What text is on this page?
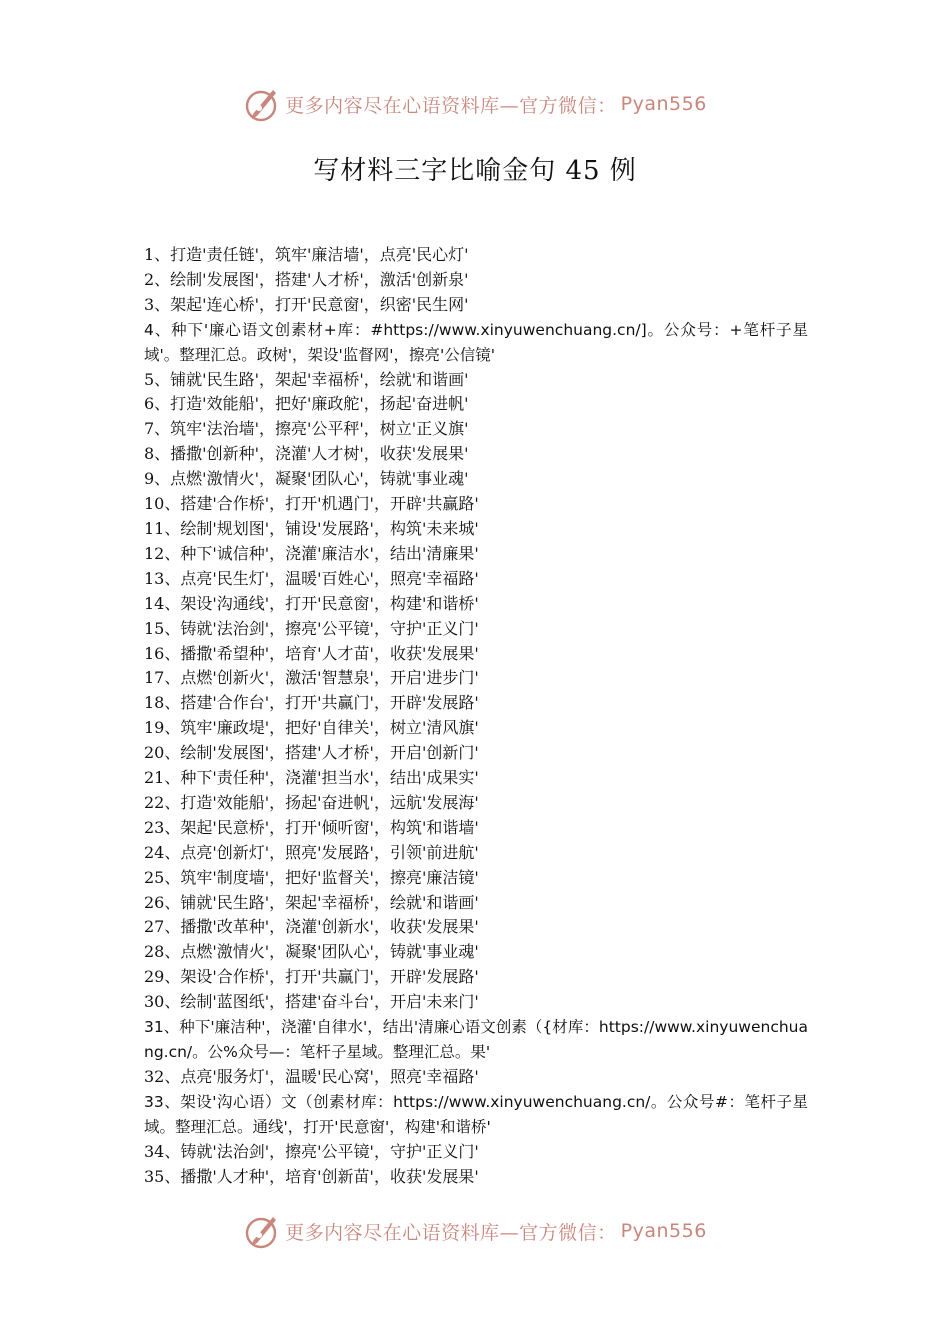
更多内容尽在心语资料库—官方微信： Pyan556
写材料三字比喻金句 45 例
1、打造'责任链'，筑牢'廉洁墙'，点亮'民心灯'
2、绘制'发展图'，搭建'人才桥'，激活'创新泉'
3、架起'连心桥'，打开'民意窗'，织密'民生网'
4、种下'廉心语文创素材+库：#https://www.xinyuwenchuang.cn/]。公众号：+笔杆子星域'。整理汇总。政树'，架设'监督网'，擦亮'公信镜'
5、铺就'民生路'，架起'幸福桥'，绘就'和谐画'
6、打造'效能船'，把好'廉政舵'，扬起'奋进帆'
7、筑牢'法治墙'，擦亮'公平秤'，树立'正义旗'
8、播撒'创新种'，浇灌'人才树'，收获'发展果'
9、点燃'激情火'，凝聚'团队心'，铸就'事业魂'
10、搭建'合作桥'，打开'机遇门'，开辟'共赢路'
11、绘制'规划图'，铺设'发展路'，构筑'未来城'
12、种下'诚信种'，浇灌'廉洁水'，结出'清廉果'
13、点亮'民生灯'，温暖'百姓心'，照亮'幸福路'
14、架设'沟通线'，打开'民意窗'，构建'和谐桥'
15、铸就'法治剑'，擦亮'公平镜'，守护'正义门'
16、播撒'希望种'，培育'人才苗'，收获'发展果'
17、点燃'创新火'，激活'智慧泉'，开启'进步门'
18、搭建'合作台'，打开'共赢门'，开辟'发展路'
19、筑牢'廉政堤'，把好'自律关'，树立'清风旗'
20、绘制'发展图'，搭建'人才桥'，开启'创新门'
21、种下'责任种'，浇灌'担当水'，结出'成果实'
22、打造'效能船'，扬起'奋进帆'，远航'发展海'
23、架起'民意桥'，打开'倾听窗'，构筑'和谐墙'
24、点亮'创新灯'，照亮'发展路'，引领'前进航'
25、筑牢'制度墙'，把好'监督关'，擦亮'廉洁镜'
26、铺就'民生路'，架起'幸福桥'，绘就'和谐画'
27、播撒'改革种'，浇灌'创新水'，收获'发展果'
28、点燃'激情火'，凝聚'团队心'，铸就'事业魂'
29、架设'合作桥'，打开'共赢门'，开辟'发展路'
30、绘制'蓝图纸'，搭建'奋斗台'，开启'未来门'
31、种下'廉洁种'，浇灌'自律水'，结出'清廉心语文创素（{材库：https://www.xinyuwenchuang.cn/。公%众号—：笔杆子星域。整理汇总。果'
32、点亮'服务灯'，温暖'民心窝'，照亮'幸福路'
33、架设'沟心语）文（创素材库：https://www.xinyuwenchuang.cn/。公众号#：笔杆子星域。整理汇总。通线'，打开'民意窗'，构建'和谐桥'
34、铸就'法治剑'，擦亮'公平镜'，守护'正义门'
35、播撒'人才种'，培育'创新苗'，收获'发展果'
更多内容尽在心语资料库—官方微信： Pyan556
